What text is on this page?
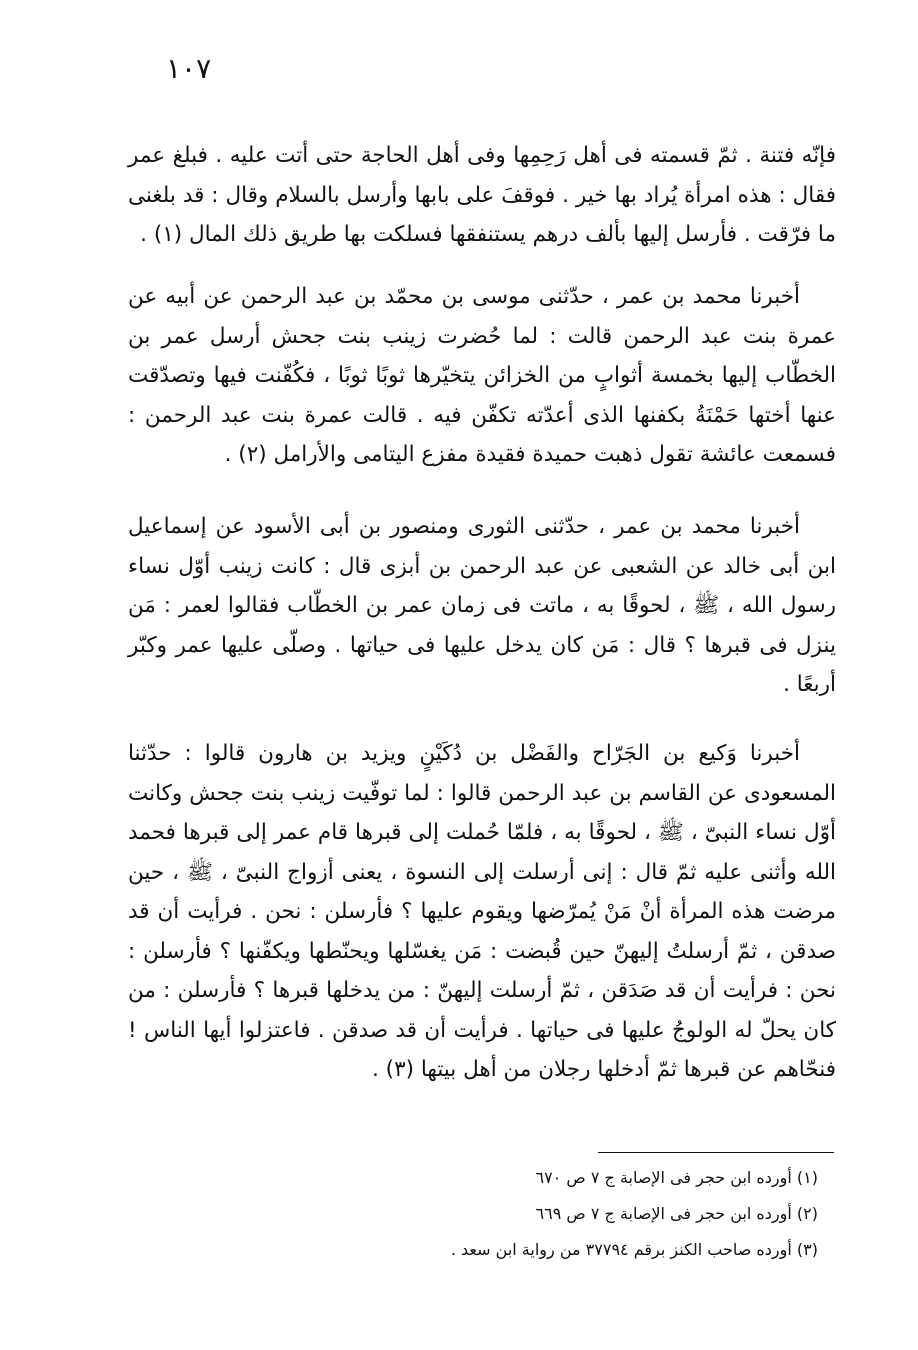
١٠٧

فإنّه فتنة . ثمّ قسمته فى أهل رَحِمِها وفى أهل الحاجة حتى أتت عليه . فبلغ عمر فقال : هذه امرأة يُراد بها خير . فوقفَ على بابها وأرسل بالسلام وقال : قد بلغنى ما فرّقت . فأرسل إليها بألف درهم يستنفقها فسلكت بها طريق ذلك المال (١) .

أخبرنا محمد بن عمر ، حدّثنى موسى بن محمّد بن عبد الرحمن عن أبيه عن عمرة بنت عبد الرحمن قالت : لما حُضرت زينب بنت جحش أرسل عمر بن الخطّاب إليها بخمسة أثوابٍ من الخزائن يتخيّرها ثوبًا ثوبًا ، فكُفّنت فيها وتصدّقت عنها أختها حَمْنَةُ بكفنها الذى أعدّته تكفّن فيه . قالت عمرة بنت عبد الرحمن : فسمعت عائشة تقول ذهبت حميدة فقيدة مفزع اليتامى والأرامل (٢) .

أخبرنا محمد بن عمر ، حدّثنى الثورى ومنصور بن أبى الأسود عن إسماعيل ابن أبى خالد عن الشعبى عن عبد الرحمن بن أبزى قال : كانت زينب أوّل نساء رسول الله ، ﷺ ، لحوقًا به ، ماتت فى زمان عمر بن الخطّاب فقالوا لعمر : مَن ينزل فى قبرها ؟ قال : مَن كان يدخل عليها فى حياتها . وصلّى عليها عمر وكبّر أربعًا .

أخبرنا وَكيع بن الجَرّاح والفَضْل بن دُكَيْنٍ ويزيد بن هارون قالوا : حدّثنا المسعودى عن القاسم بن عبد الرحمن قالوا : لما توفّيت زينب بنت جحش وكانت أوّل نساء النبىّ ، ﷺ ، لحوقًا به ، فلمّا حُملت إلى قبرها قام عمر إلى قبرها فحمد الله وأثنى عليه ثمّ قال : إنى أرسلت إلى النسوة ، يعنى أزواج النبىّ ، ﷺ ، حين مرضت هذه المرأة أنْ مَنْ يُمرّضها ويقوم عليها ؟ فأرسلن : نحن . فرأيت أن قد صدقن ، ثمّ أرسلتُ إليهنّ حين قُبضت : مَن يغسّلها ويحنّطها ويكفّنها ؟ فأرسلن : نحن : فرأيت أن قد صَدَقن ، ثمّ أرسلت إليهنّ : من يدخلها قبرها ؟ فأرسلن : من كان يحلّ له الولوجُ عليها فى حياتها . فرأيت أن قد صدقن . فاعتزلوا أيها الناس ! فنحّاهم عن قبرها ثمّ أدخلها رجلان من أهل بيتها (٣) .

(١) أورده ابن حجر فى الإصابة ج ٧ ص ٦٧٠
(٢) أورده ابن حجر فى الإصابة ج ٧ ص ٦٦٩
(٣) أورده صاحب الكنز برقم ٣٧٧٩٤ من رواية ابن سعد .
